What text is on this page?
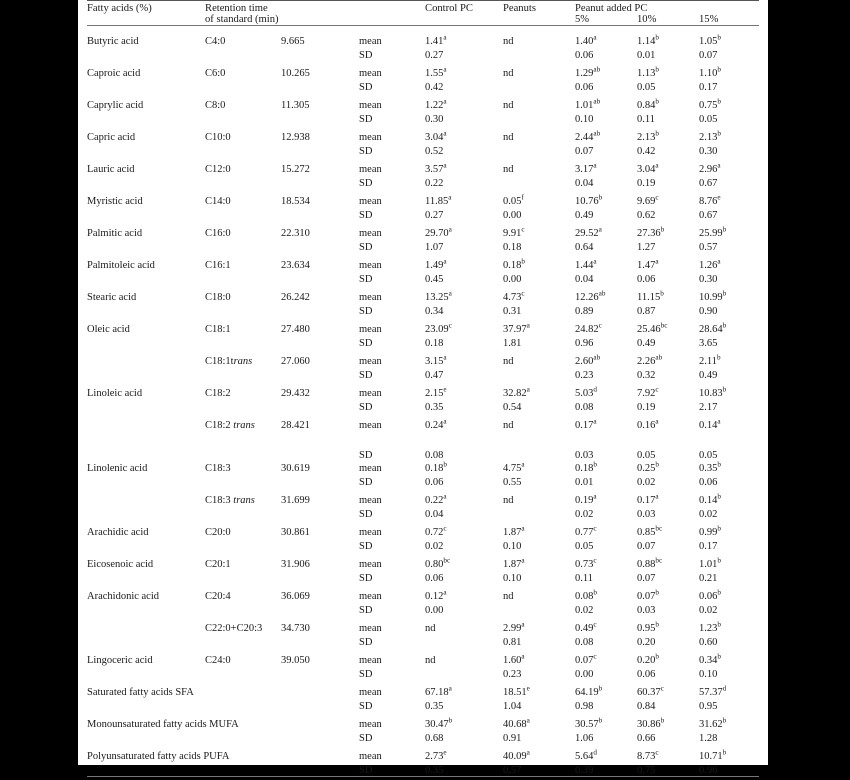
Fatty acids (%)	Retention time			Control PC	Peanuts	Peanut added PC		
	of standard (min)					5%	10%	15%

Butyric acid	C4:0	9.665	mean	1.41$^a$	nd	1.40$^a$	1.14$^b$	1.05$^b$
			SD	0.27		0.06	0.01	0.07
Caproic acid	C6:0	10.265	mean	1.55$^a$	nd	1.29$^{ab}$	1.13$^b$	1.10$^b$
			SD	0.42		0.06	0.05	0.17
Caprylic acid	C8:0	11.305	mean	1.22$^a$	nd	1.01$^{ab}$	0.84$^b$	0.75$^b$
			SD	0.30		0.10	0.11	0.05
Capric acid	C10:0	12.938	mean	3.04$^a$	nd	2.44$^{ab}$	2.13$^b$	2.13$^b$
			SD	0.52		0.07	0.42	0.30
Lauric acid	C12:0	15.272	mean	3.57$^a$	nd	3.17$^a$	3.04$^a$	2.96$^a$
			SD	0.22		0.04	0.19	0.67
Myristic acid	C14:0	18.534	mean	11.85$^a$	0.05$^f$	10.76$^b$	9.69$^c$	8.76e
			SD	0.27	0.00	0.49	0.62	0.67
Palmitic acid	C16:0	22.310	mean	29.70$^a$	9.91$^c$	29.52$^a$	27.36$^b$	25.99$^b$
			SD	1.07	0.18	0.64	1.27	0.57
Palmitoleic acid	C16:1	23.634	mean	1.49$^a$	0.18$^b$	1.44$^a$	1.47$^a$	1.26$^a$
			SD	0.45	0.00	0.04	0.06	0.30
Stearic acid	C18:0	26.242	mean	13.25$^a$	4.73$^c$	12.26$^{ab}$	11.15$^b$	10.99$^b$
			SD	0.34	0.31	0.89	0.87	0.90
Oleic acid	C18:1	27.480	mean	23.09$^c$	37.97$^a$	24.82$^c$	25.46$^{bc}$	28.64$^b$
			SD	0.18	1.81	0.96	0.49	3.65
	C18:1trans	27.060	mean	3.15$^a$	nd	2.60$^{ab}$	2.26$^{ab}$	2.11$^b$
			SD	0.47		0.23	0.32	0.49
Linoleic acid	C18:2	29.432	mean	2.15e	32.82$^a$	5.03$^d$	7.92$^c$	10.83$^b$
			SD	0.35	0.54	0.08	0.19	2.17
	C18:2 trans	28.421	mean	0.24$^a$	nd	0.17$^a$	0.16$^a$	0.14$^a$
			SD	0.08		0.03	0.05	0.05
Linolenic acid	C18:3	30.619	mean	0.18$^b$	4.75$^a$	0.18$^b$	0.25$^b$	0.35$^b$
			SD	0.06	0.55	0.01	0.02	0.06
	C18:3 trans	31.699	mean	0.22$^a$	nd	0.19$^a$	0.17$^a$	0.14$^b$
			SD	0.04		0.02	0.03	0.02
Arachidic acid	C20:0	30.861	mean	0.72$^c$	1.87$^a$	0.77$^c$	0.85$^{bc}$	0.99$^b$
			SD	0.02	0.10	0.05	0.07	0.17
Eicosenoic acid	C20:1	31.906	mean	0.80$^{bc}$	1.87$^a$	0.73$^c$	0.88$^{bc}$	1.01$^b$
			SD	0.06	0.10	0.11	0.07	0.21
Arachidonic acid	C20:4	36.069	mean	0.12$^a$	nd	0.08$^b$	0.07$^b$	0.06$^b$
			SD	0.00		0.02	0.03	0.02
	C22:0+C20:3	34.730	mean	nd	2.99$^a$	0.49$^c$	0.95$^b$	1.23$^b$
			SD		0.81	0.08	0.20	0.60
Lingoceric acid	C24:0	39.050	mean	nd	1.60$^a$	0.07$^c$	0.20$^b$	0.34$^b$
			SD		0.23	0.00	0.06	0.10
Saturated fatty acids SFA			mean	67.18$^a$	18.51e	64.19$^b$	60.37$^c$	57.37$^d$
			SD	0.35	1.04	0.98	0.84	0.95
Monounsaturated fatty acids MUFA			mean	30.47$^b$	40.68$^a$	30.57$^b$	30.86$^b$	31.62$^b$
			SD	0.68	0.91	1.06	0.66	1.28
Polyunsaturated fatty acids PUFA			mean	2.73e	40.09$^a$	5.64$^d$	8.73$^c$	10.71$^b$
			SD	0.35	0.57	0.39	0.75	0.96
